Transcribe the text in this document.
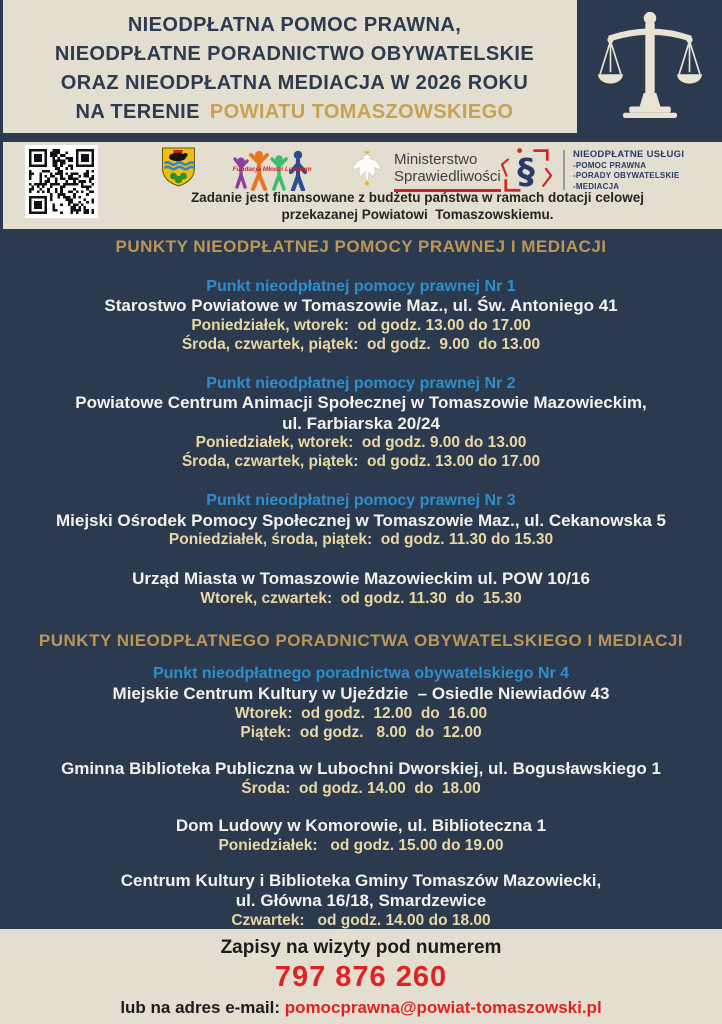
NIEODPŁATNA POMOC PRAWNA,
NIEODPŁATNE PORADNICTWO OBYWATELSKIE
ORAZ NIEODPŁATNA MEDIACJA W 2026 ROKU
NA TERENIE POWIATU TOMASZOWSKIEGO
Fundacja Młodzi Ludziom
Ministerstwo
Sprawiedliwości §	NIEODPŁATNE USŁUGI
-POMOC PRAWNA
-PORADY OBYWATELSKIE
-MEDIACJA
Zadanie jest finansowane z budżetu państwa w ramach dotacji celowej
przekazanej Powiatowi  Tomaszowskiemu.
PUNKTY NIEODPŁATNEJ POMOCY PRAWNEJ I MEDIACJI
Punkt nieodpłatnej pomocy prawnej Nr 1
Starostwo Powiatowe w Tomaszowie Maz., ul. Św. Antoniego 41
Poniedziałek, wtorek:  od godz. 13.00 do 17.00
Środa, czwartek, piątek:  od godz.  9.00  do 13.00
Punkt nieodpłatnej pomocy prawnej Nr 2
Powiatowe Centrum Animacji Społecznej w Tomaszowie Mazowieckim,
ul. Farbiarska 20/24
Poniedziałek, wtorek:  od godz. 9.00 do 13.00
Środa, czwartek, piątek:  od godz. 13.00 do 17.00
Punkt nieodpłatnej pomocy prawnej Nr 3
Miejski Ośrodek Pomocy Społecznej w Tomaszowie Maz., ul. Cekanowska 5
Poniedziałek, środa, piątek:  od godz. 11.30 do 15.30
Urząd Miasta w Tomaszowie Mazowieckim ul. POW 10/16
Wtorek, czwartek:  od godz. 11.30  do  15.30
PUNKTY NIEODPŁATNEGO PORADNICTWA OBYWATELSKIEGO I MEDIACJI
Punkt nieodpłatnego poradnictwa obywatelskiego Nr 4
Miejskie Centrum Kultury w Ujeździe  – Osiedle Niewiadów 43
Wtorek:  od godz.  12.00  do  16.00
Piątek:  od godz.   8.00  do  12.00
Gminna Biblioteka Publiczna w Lubochni Dworskiej, ul. Bogusławskiego 1
Środa:  od godz. 14.00  do  18.00
Dom Ludowy w Komorowie, ul. Biblioteczna 1
Poniedziałek:   od godz. 15.00 do 19.00
Centrum Kultury i Biblioteka Gminy Tomaszów Mazowiecki,
ul. Główna 16/18, Smardzewice
Czwartek:   od godz. 14.00 do 18.00
Zapisy na wizyty pod numerem
797 876 260
lub na adres e-mail: pomocprawna@powiat-tomaszowski.pl
